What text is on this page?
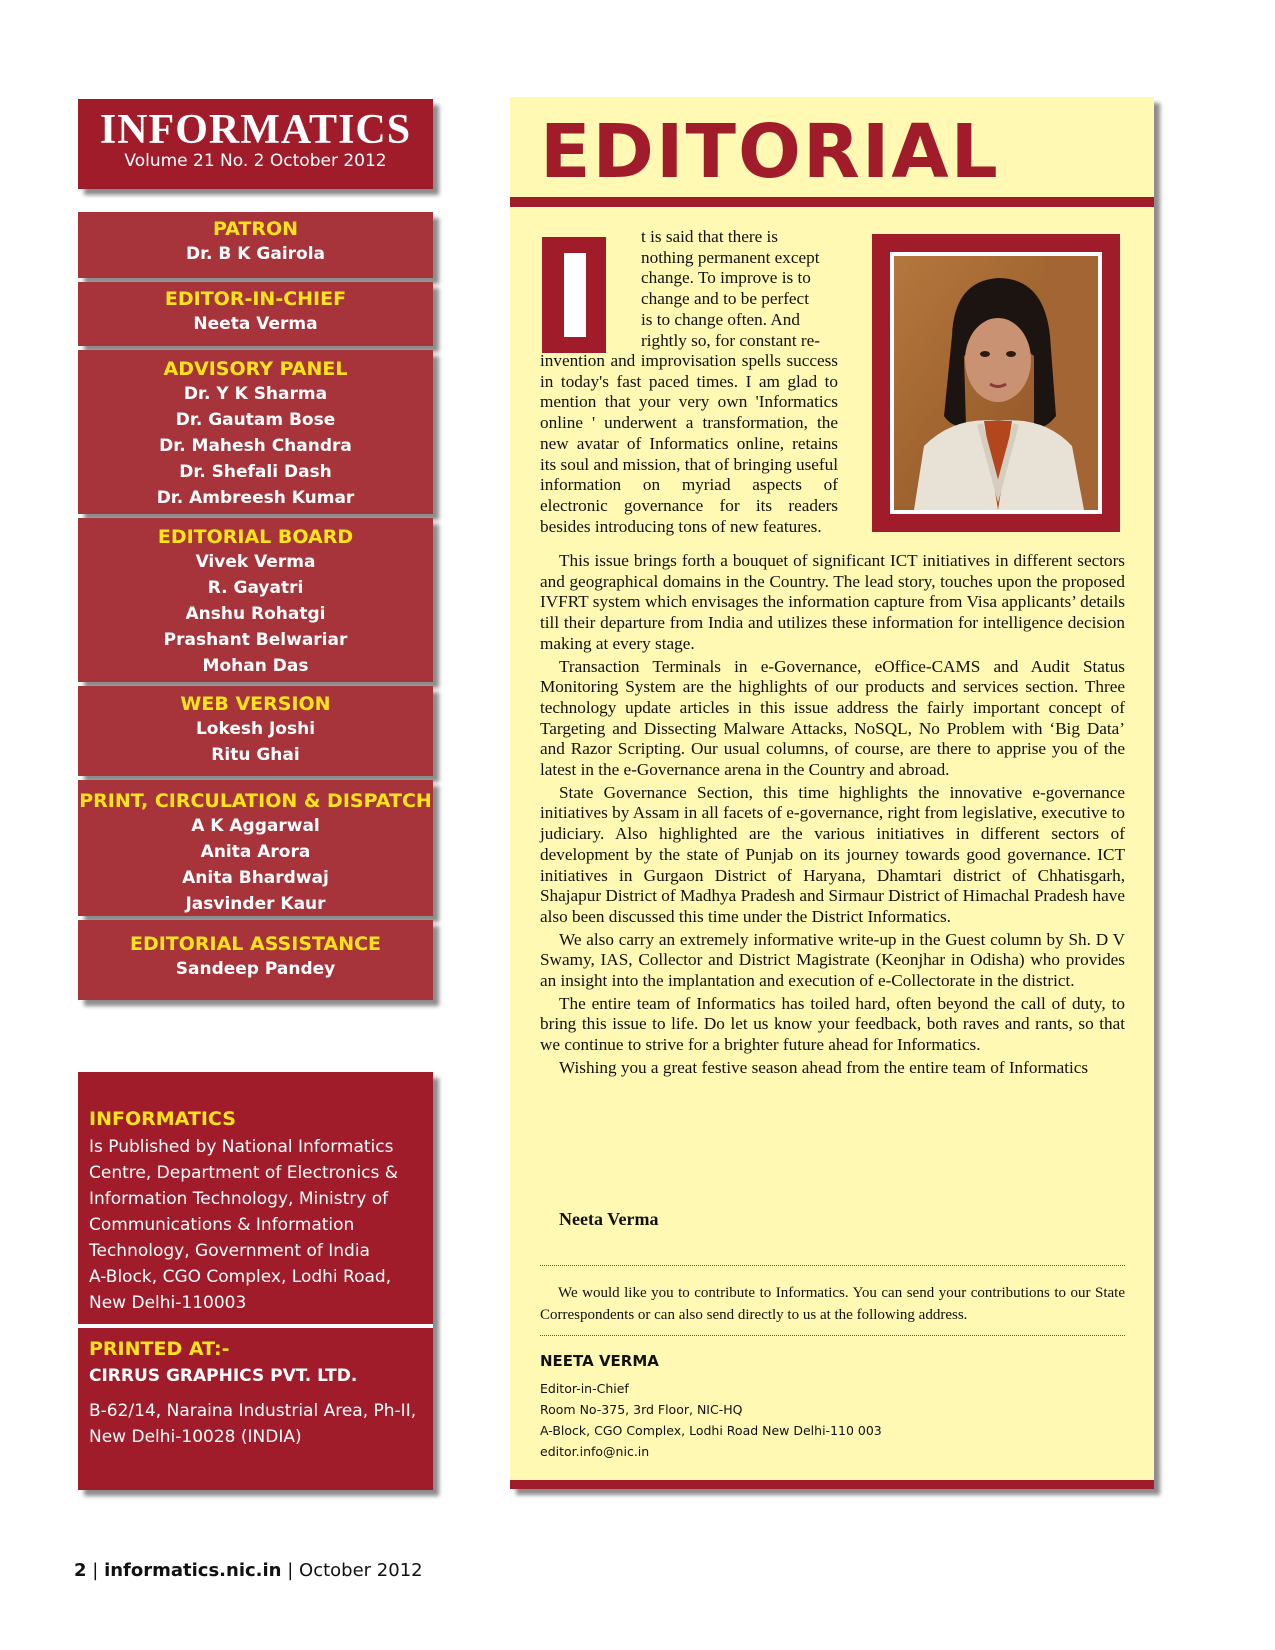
INFORMATICS
Volume 21 No. 2 October 2012
PATRON
Dr. B K Gairola
EDITOR-IN-CHIEF
Neeta Verma
ADVISORY PANEL
Dr. Y K Sharma
Dr. Gautam Bose
Dr. Mahesh Chandra
Dr. Shefali Dash
Dr. Ambreesh Kumar
EDITORIAL BOARD
Vivek Verma
R. Gayatri
Anshu Rohatgi
Prashant Belwariar
Mohan Das
WEB VERSION
Lokesh Joshi
Ritu Ghai
PRINT, CIRCULATION & DISPATCH
A K Aggarwal
Anita Arora
Anita Bhardwaj
Jasvinder Kaur
EDITORIAL ASSISTANCE
Sandeep Pandey
INFORMATICS
Is Published by National Informatics
Centre, Department of Electronics &
Information Technology, Ministry of
Communications & Information
Technology, Government of India
A-Block, CGO Complex, Lodhi Road,
New Delhi-110003
PRINTED AT:-
CIRRUS GRAPHICS PVT. LTD.
B-62/14, Naraina Industrial Area, Ph-II,
New Delhi-10028 (INDIA)
EDITORIAL

t is said that there is

nothing permanent except

change. To improve is to

change and to be perfect

is to change often. And

rightly so, for constant re-

invention and improvisation spells success in today's fast paced times. I am glad to mention that your very own 'Informatics online ' underwent a transformation, the new avatar of Informatics online, retains its soul and mission, that of bringing useful information on myriad aspects of electronic governance for its readers besides introducing tons of new features.

This issue brings forth a bouquet of significant ICT initiatives in different sectors and geographical domains in the Country. The lead story, touches upon the proposed IVFRT system which envisages the information capture from Visa applicants’ details till their departure from India and utilizes these information for intelligence decision making at every stage.

Transaction Terminals in e-Governance, eOffice-CAMS and Audit Status Monitoring System are the highlights of our products and services section. Three technology update articles in this issue address the fairly important concept of Targeting and Dissecting Malware Attacks, NoSQL, No Problem with ‘Big Data’ and Razor Scripting. Our usual columns, of course, are there to apprise you of the latest in the e-Governance arena in the Country and abroad.

State Governance Section, this time highlights the innovative e-governance initiatives by Assam in all facets of e-governance, right from legislative, executive to judiciary. Also highlighted are the various initiatives in different sectors of development by the state of Punjab on its journey towards good governance. ICT initiatives in Gurgaon District of Haryana, Dhamtari district of Chhatisgarh, Shajapur District of Madhya Pradesh and Sirmaur District of Himachal Pradesh have also been discussed this time under the District Informatics.

We also carry an extremely informative write-up in the Guest column by Sh. D V Swamy, IAS, Collector and District Magistrate (Keonjhar in Odisha) who provides an insight into the implantation and execution of e-Collectorate in the district.

The entire team of Informatics has toiled hard, often beyond the call of duty, to bring this issue to life. Do let us know your feedback, both raves and rants, so that we continue to strive for a brighter future ahead for Informatics.

Wishing you a great festive season ahead from the entire team of Informatics

Neeta Verma

We would like you to contribute to Informatics. You can send your contributions to our State Correspondents or can also send directly to us at the following address.

NEETA VERMA
Editor-in-Chief
Room No-375, 3rd Floor, NIC-HQ
A-Block, CGO Complex, Lodhi Road New Delhi-110 003
editor.info@nic.in
2 | informatics.nic.in | October 2012
